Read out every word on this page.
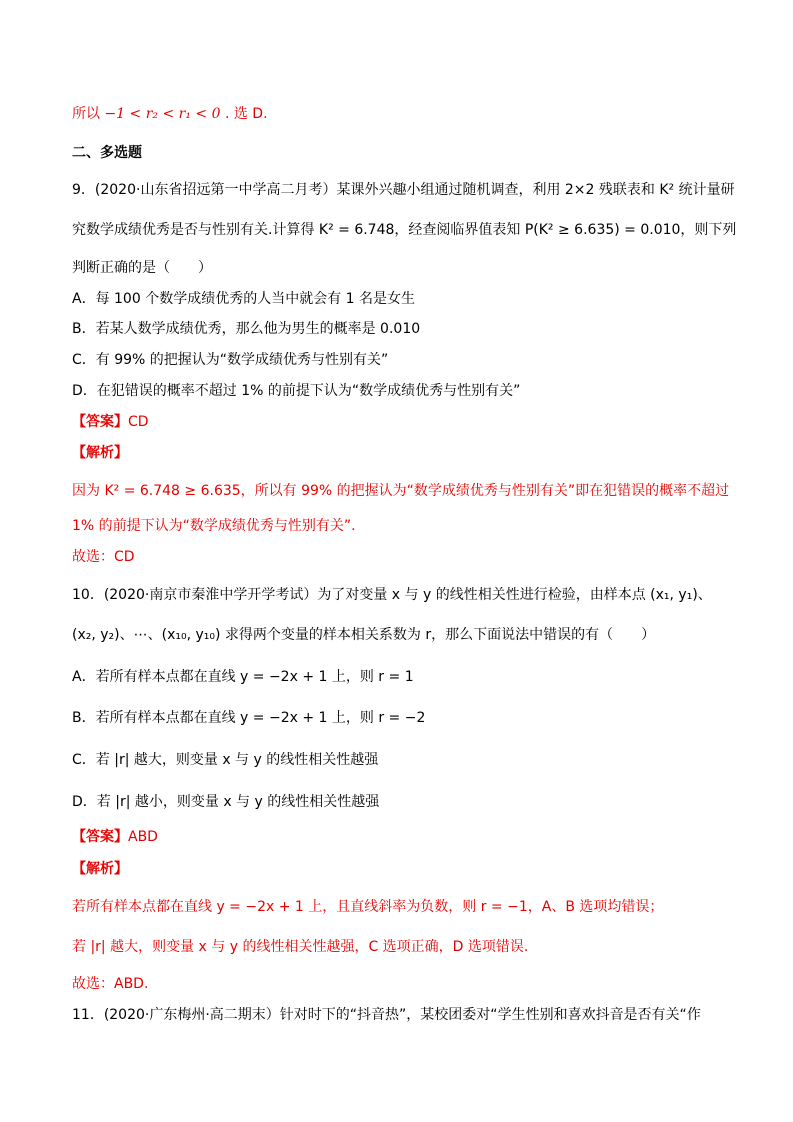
所以 −1 < r₂ < r₁ < 0 . 选 D.
二、多选题
9．(2020·山东省招远第一中学高二月考）某课外兴趣小组通过随机调查，利用 2×2 残联表和 K² 统计量研
究数学成绩优秀是否与性别有关.计算得 K² = 6.748，经查阅临界值表知 P(K² ≥ 6.635) = 0.010，则下列
判断正确的是（　　）
A．每 100 个数学成绩优秀的人当中就会有 1 名是女生
B．若某人数学成绩优秀，那么他为男生的概率是 0.010
C．有 99% 的把握认为“数学成绩优秀与性别有关”
D．在犯错误的概率不超过 1% 的前提下认为“数学成绩优秀与性别有关”
【答案】CD
【解析】
因为 K² = 6.748 ≥ 6.635，所以有 99% 的把握认为“数学成绩优秀与性别有关”即在犯错误的概率不超过
1% 的前提下认为“数学成绩优秀与性别有关”.
故选：CD
10．(2020·南京市秦淮中学开学考试）为了对变量 x 与 y 的线性相关性进行检验，由样本点 (x₁, y₁)、
(x₂, y₂)、⋯、(x₁₀, y₁₀) 求得两个变量的样本相关系数为 r，那么下面说法中错误的有（　　）
A．若所有样本点都在直线 y = −2x + 1 上，则 r = 1
B．若所有样本点都在直线 y = −2x + 1 上，则 r = −2
C．若 |r| 越大，则变量 x 与 y 的线性相关性越强
D．若 |r| 越小，则变量 x 与 y 的线性相关性越强
【答案】ABD
【解析】
若所有样本点都在直线 y = −2x + 1 上，且直线斜率为负数，则 r = −1，A、B 选项均错误；
若 |r| 越大，则变量 x 与 y 的线性相关性越强，C 选项正确，D 选项错误.
故选：ABD.
11．(2020·广东梅州·高二期末）针对时下的“抖音热”，某校团委对“学生性别和喜欢抖音是否有关“作
